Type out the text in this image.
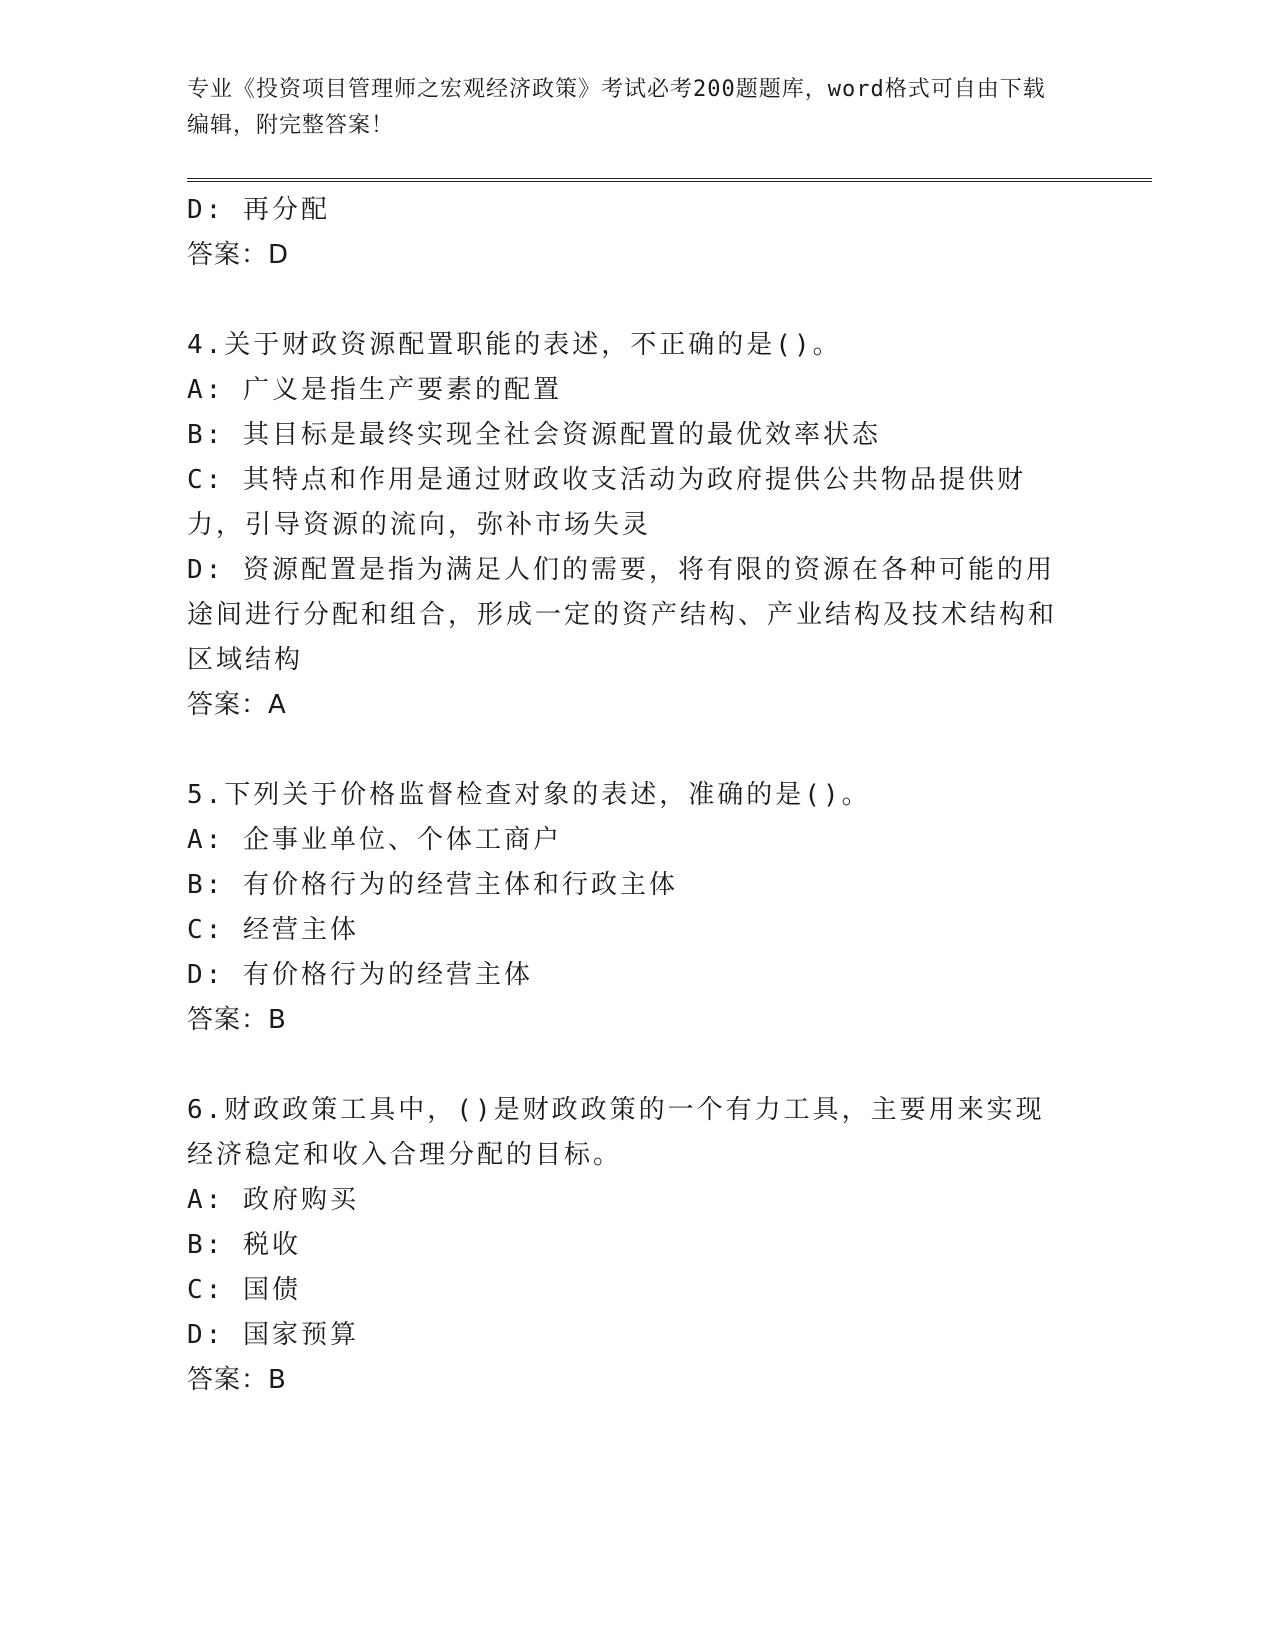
专业《投资项目管理师之宏观经济政策》考试必考200题题库，word格式可自由下载编辑，附完整答案！
D: 再分配
答案：D
4.关于财政资源配置职能的表述，不正确的是()。
A: 广义是指生产要素的配置
B: 其目标是最终实现全社会资源配置的最优效率状态
C: 其特点和作用是通过财政收支活动为政府提供公共物品提供财力，引导资源的流向，弥补市场失灵
D: 资源配置是指为满足人们的需要，将有限的资源在各种可能的用途间进行分配和组合，形成一定的资产结构、产业结构及技术结构和区域结构
答案：A
5.下列关于价格监督检查对象的表述，准确的是()。
A: 企事业单位、个体工商户
B: 有价格行为的经营主体和行政主体
C: 经营主体
D: 有价格行为的经营主体
答案：B
6.财政政策工具中，()是财政政策的一个有力工具，主要用来实现经济稳定和收入合理分配的目标。
A: 政府购买
B: 税收
C: 国债
D: 国家预算
答案：B
